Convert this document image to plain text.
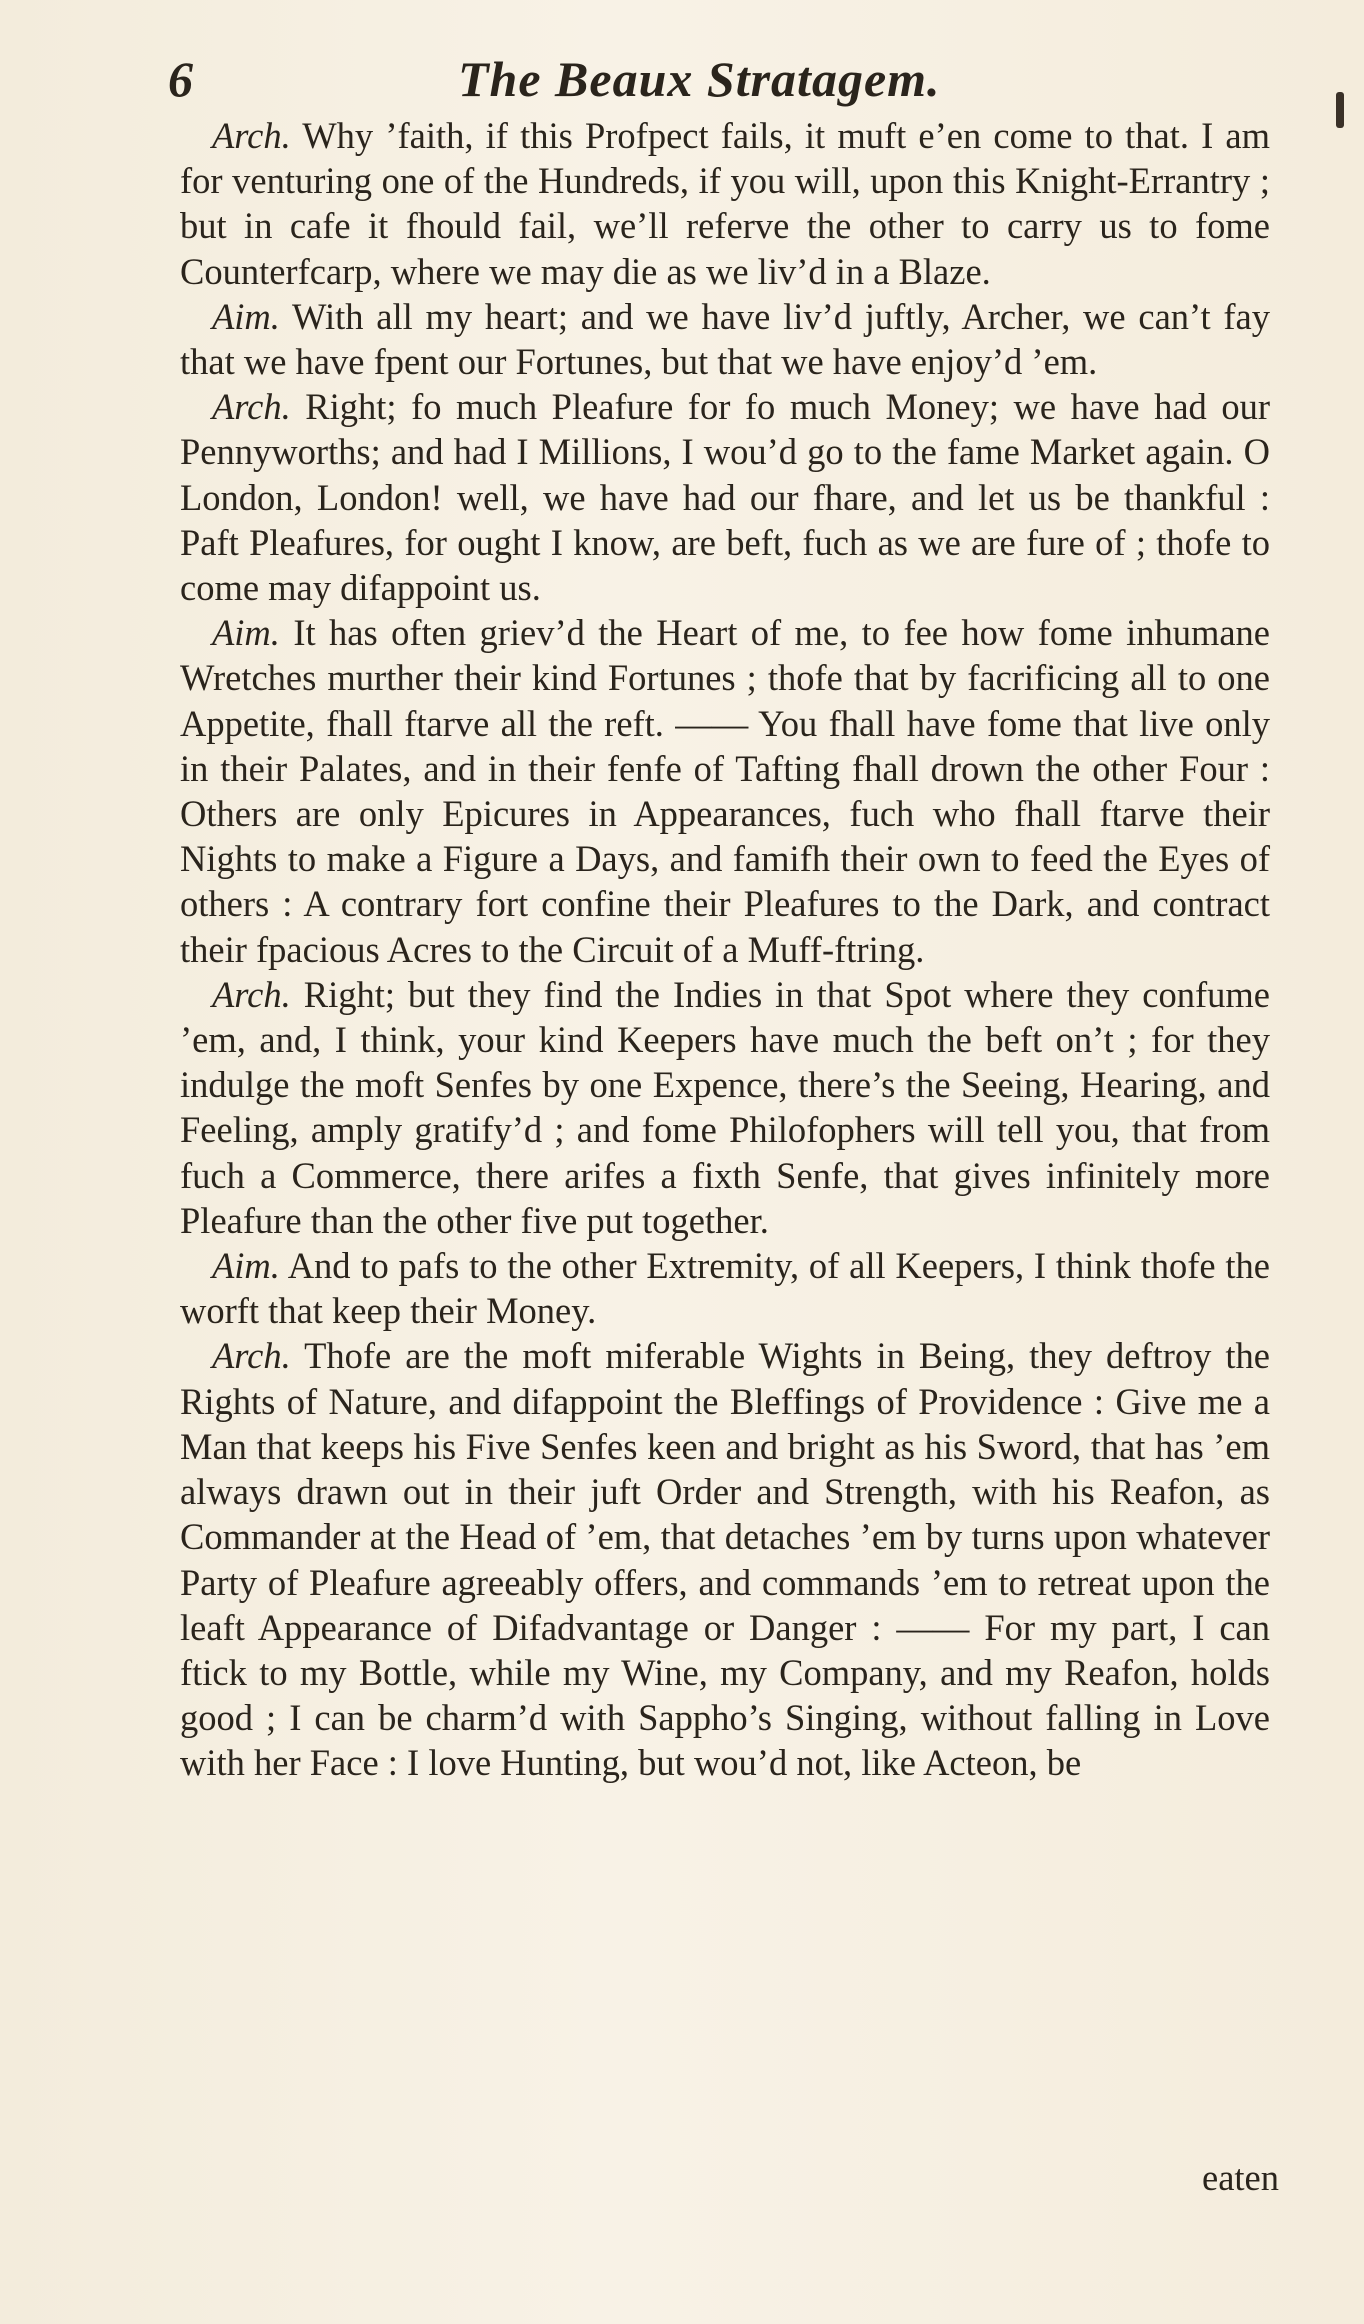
6	The Beaux Stratagem.

Arch. Why ’faith, if this Profpect fails, it muft e’en come to that. I am for venturing one of the Hundreds, if you will, upon this Knight-Errantry ; but in cafe it fhould fail, we’ll referve the other to carry us to fome Counterfcarp, where we may die as we liv’d in a Blaze.

Aim. With all my heart; and we have liv’d juftly, Archer, we can’t fay that we have fpent our Fortunes, but that we have enjoy’d ’em.

Arch. Right; fo much Pleafure for fo much Money; we have had our Pennyworths; and had I Millions, I wou’d go to the fame Market again. O London, London! well, we have had our fhare, and let us be thankful : Paft Pleafures, for ought I know, are beft, fuch as we are fure of ; thofe to come may difappoint us.

Aim. It has often griev’d the Heart of me, to fee how fome inhumane Wretches murther their kind Fortunes ; thofe that by facrificing all to one Appetite, fhall ftarve all the reft. —— You fhall have fome that live only in their Palates, and in their fenfe of Tafting fhall drown the other Four : Others are only Epicures in Appearances, fuch who fhall ftarve their Nights to make a Figure a Days, and famifh their own to feed the Eyes of others : A contrary fort confine their Pleafures to the Dark, and contract their fpacious Acres to the Circuit of a Muff-ftring.

Arch. Right; but they find the Indies in that Spot where they confume ’em, and, I think, your kind Keepers have much the beft on’t ; for they indulge the moft Senfes by one Expence, there’s the Seeing, Hearing, and Feeling, amply gratify’d ; and fome Philofophers will tell you, that from fuch a Commerce, there arifes a fixth Senfe, that gives infinitely more Pleafure than the other five put together.

Aim. And to pafs to the other Extremity, of all Keepers, I think thofe the worft that keep their Money.

Arch. Thofe are the moft miferable Wights in Being, they deftroy the Rights of Nature, and difappoint the Bleffings of Providence : Give me a Man that keeps his Five Senfes keen and bright as his Sword, that has ’em always drawn out in their juft Order and Strength, with his Reafon, as Commander at the Head of ’em, that detaches ’em by turns upon whatever Party of Pleafure agreeably offers, and commands ’em to retreat upon the leaft Appearance of Difadvantage or Danger : —— For my part, I can ftick to my Bottle, while my Wine, my Company, and my Reafon, holds good ; I can be charm’d with Sappho’s Singing, without falling in Love with her Face : I love Hunting, but wou’d not, like Acteon, be

eaten
